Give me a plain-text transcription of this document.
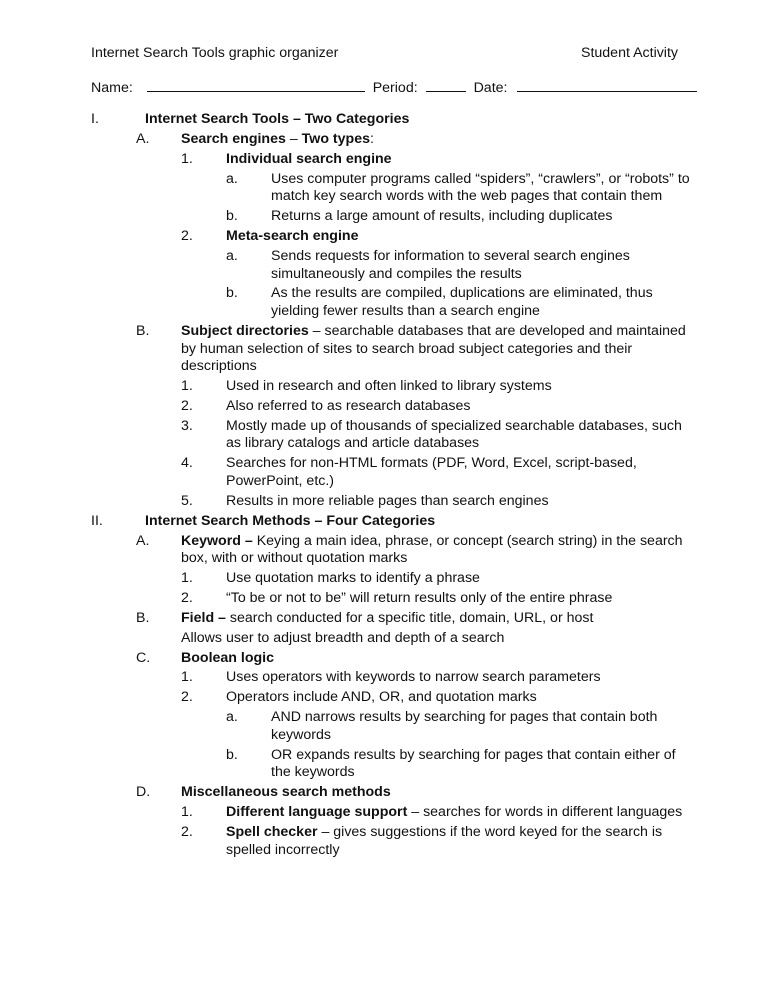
Internet Search Tools graphic organizer	Student Activity
Name:	Period:	Date:
I.	Internet Search Tools – Two Categories
A. Search engines – Two types:
1. Individual search engine
a. Uses computer programs called “spiders”, “crawlers”, or “robots” to match key search words with the web pages that contain them
b. Returns a large amount of results, including duplicates
2. Meta-search engine
a. Sends requests for information to several search engines simultaneously and compiles the results
b. As the results are compiled, duplications are eliminated, thus yielding fewer results than a search engine
B. Subject directories – searchable databases that are developed and maintained by human selection of sites to search broad subject categories and their descriptions
1. Used in research and often linked to library systems
2. Also referred to as research databases
3. Mostly made up of thousands of specialized searchable databases, such as library catalogs and article databases
4. Searches for non-HTML formats (PDF, Word, Excel, script-based, PowerPoint, etc.)
5. Results in more reliable pages than search engines
II.	Internet Search Methods – Four Categories
A. Keyword – Keying a main idea, phrase, or concept (search string) in the search box, with or without quotation marks
1. Use quotation marks to identify a phrase
2. “To be or not to be” will return results only of the entire phrase
B. Field – search conducted for a specific title, domain, URL, or host
Allows user to adjust breadth and depth of a search
C. Boolean logic
1. Uses operators with keywords to narrow search parameters
2. Operators include AND, OR, and quotation marks
a. AND narrows results by searching for pages that contain both keywords
b. OR expands results by searching for pages that contain either of the keywords
D. Miscellaneous search methods
1. Different language support – searches for words in different languages
2. Spell checker – gives suggestions if the word keyed for the search is spelled incorrectly
